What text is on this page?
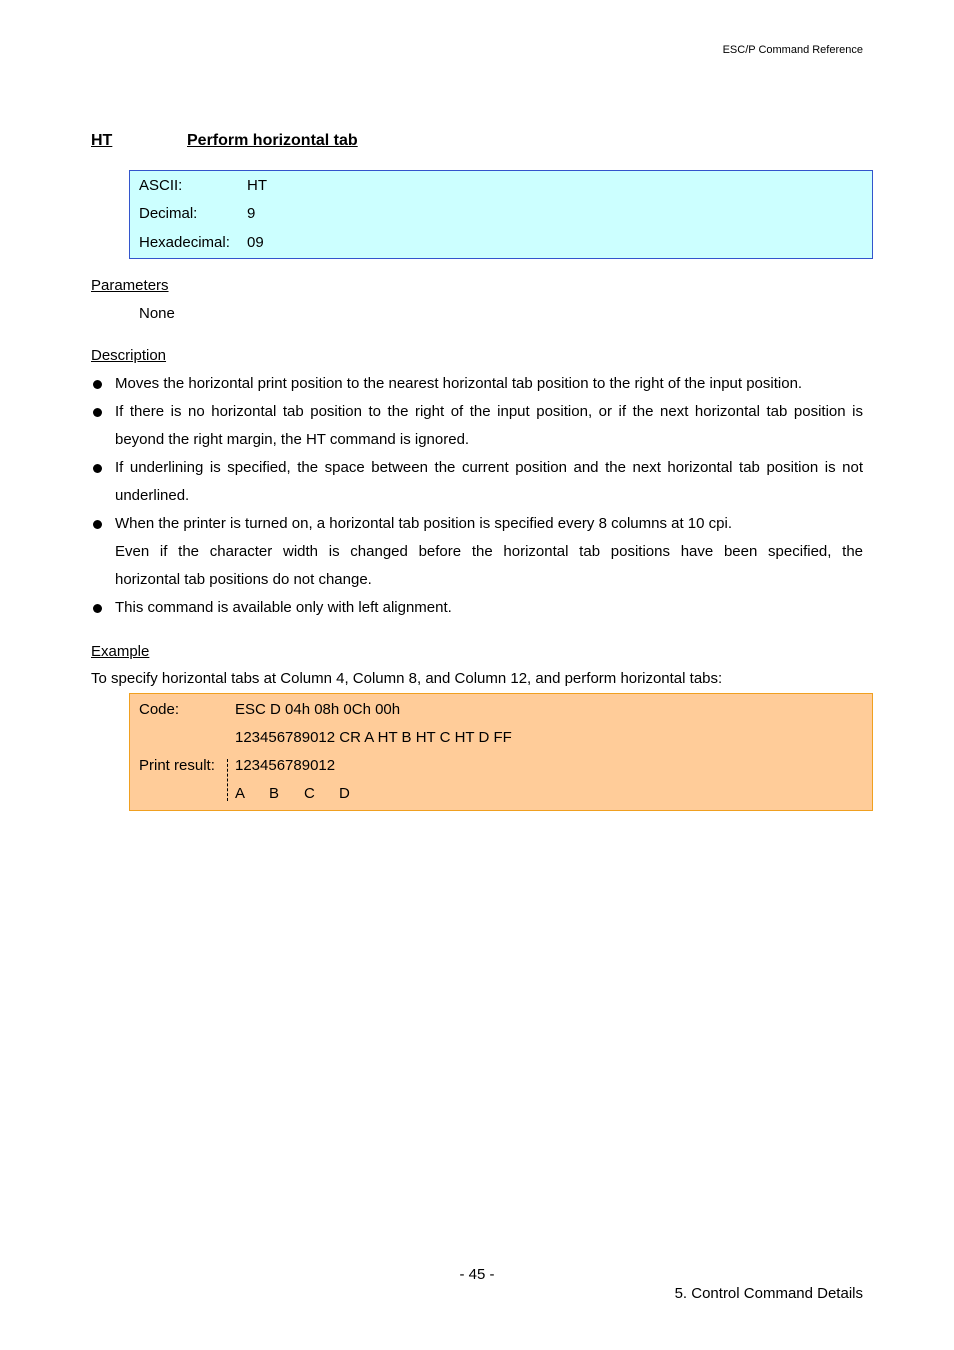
ESC/P Command Reference
HT	Perform horizontal tab
ASCII:	HT
Decimal:	9
Hexadecimal: 09
Parameters
None
Description
Moves the horizontal print position to the nearest horizontal tab position to the right of the input position.
If there is no horizontal tab position to the right of the input position, or if the next horizontal tab position is
beyond the right margin, the HT command is ignored.
If underlining is specified, the space between the current position and the next horizontal tab position is not
underlined.
When the printer is turned on, a horizontal tab position is specified every 8 columns at 10 cpi.
Even if the character width is changed before the horizontal tab positions have been specified, the
horizontal tab positions do not change.
This command is available only with left alignment.
Example
To specify horizontal tabs at Column 4, Column 8, and Column 12, and perform horizontal tabs:
Code:	ESC D 04h 08h 0Ch 00h
123456789012 CR A HT B HT C HT D FF
Print result: 123456789012
A B C D
- 45 -
5. Control Command Details
